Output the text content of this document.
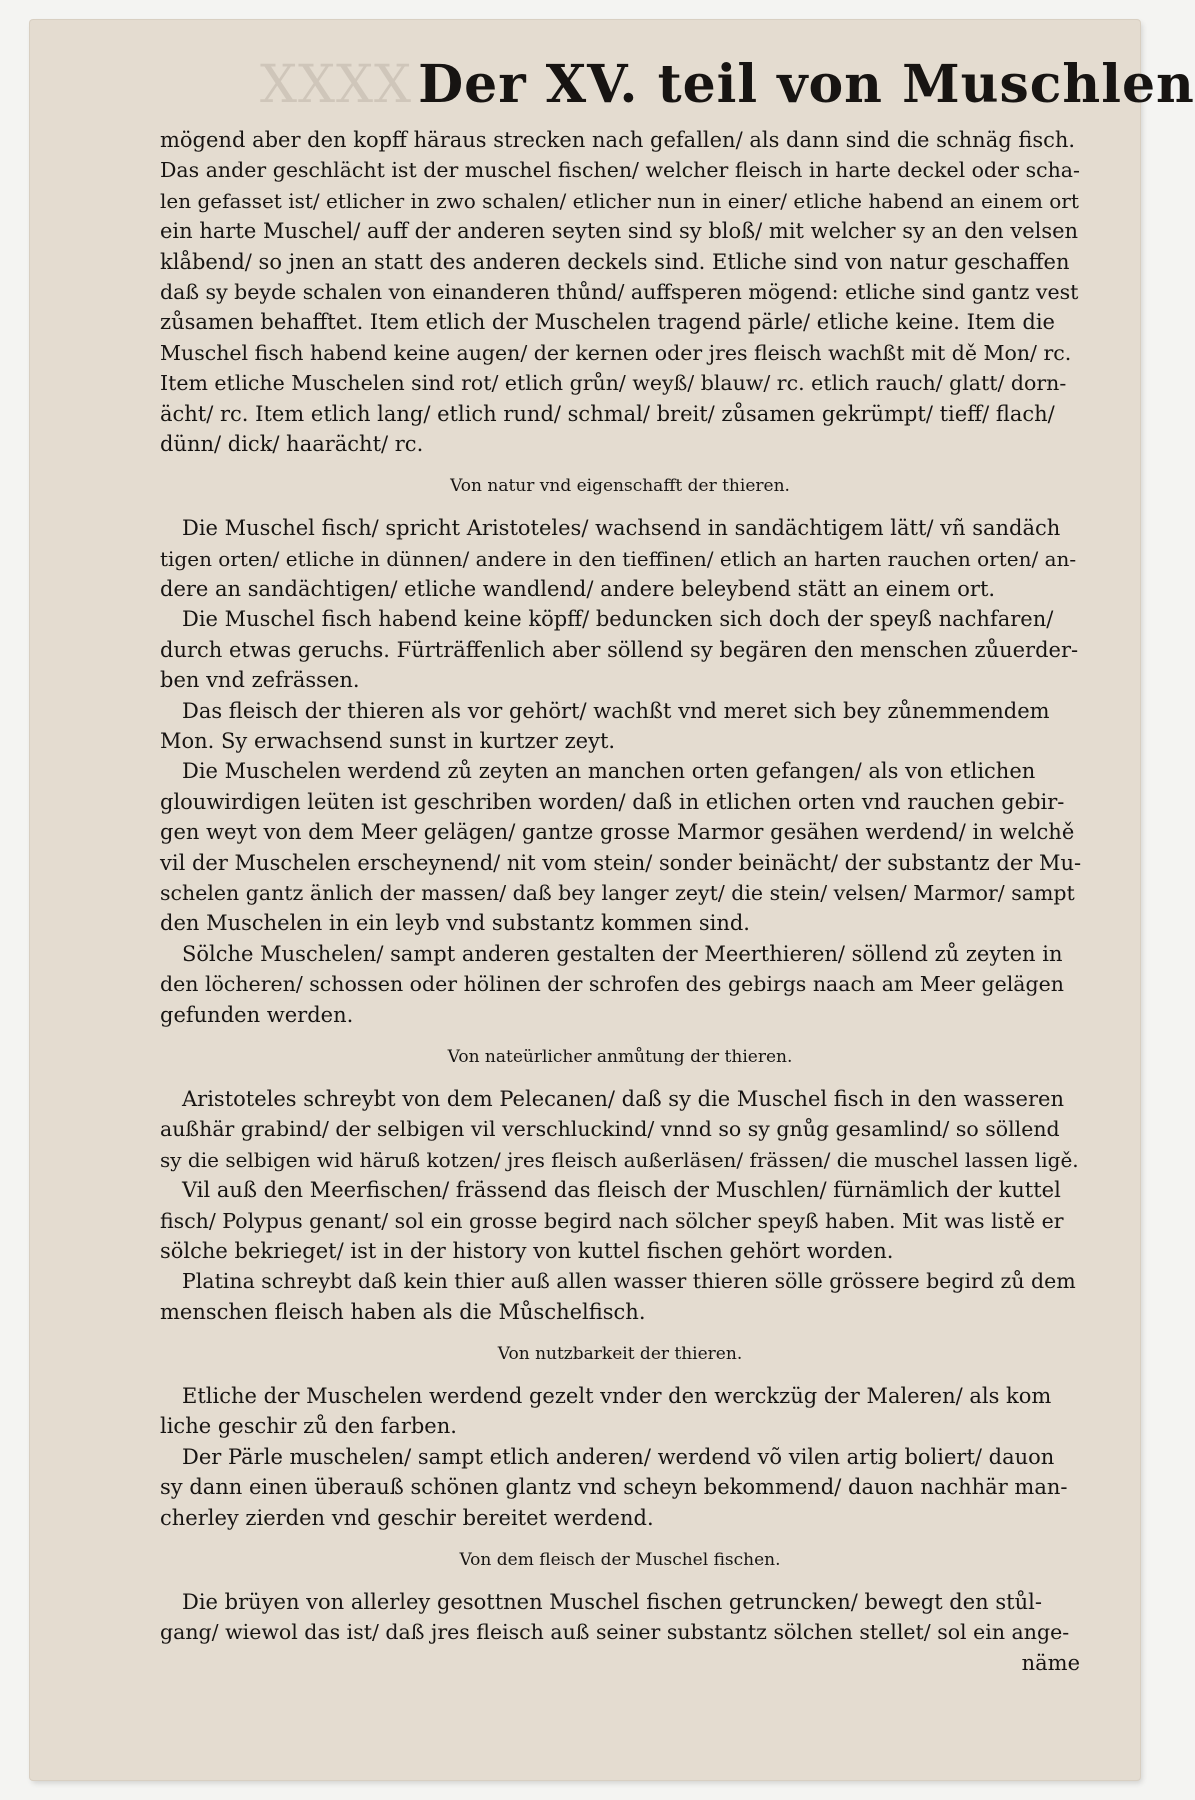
XXXX Der XV. teil von Muschlen
mögend aber den kopff häraus strecken nach gefallen/ als dann sind die schnäg fisch.
Das ander geschlächt ist der muschel fischen/ welcher fleisch in harte deckel oder scha-
len gefasset ist/ etlicher in zwo schalen/ etlicher nun in einer/ etliche habend an einem ort
ein harte Muschel/ auff der anderen seyten sind sy bloß/ mit welcher sy an den velsen
klåbend/ so jnen an statt des anderen deckels sind. Etliche sind von natur geschaffen
daß sy beyde schalen von einanderen thůnd/ auffsperen mögend: etliche sind gantz vest
zůsamen behafftet. Item etlich der Muschelen tragend pärle/ etliche keine. Item die
Muschel fisch habend keine augen/ der kernen oder jres fleisch wachßt mit dě Mon/ rc.
Item etliche Muschelen sind rot/ etlich grůn/ weyß/ blauw/ rc. etlich rauch/ glatt/ dorn-
ächt/ rc. Item etlich lang/ etlich rund/ schmal/ breit/ zůsamen gekrümpt/ tieff/ flach/
dünn/ dick/ haarächt/ rc.
Von natur vnd eigenschafft der thieren.
Die Muschel fisch/ spricht Aristoteles/ wachsend in sandächtigem lätt/ vñ sandäch
tigen orten/ etliche in dünnen/ andere in den tieffinen/ etlich an harten rauchen orten/ an-
dere an sandächtigen/ etliche wandlend/ andere beleybend stätt an einem ort.
Die Muschel fisch habend keine köpff/ beduncken sich doch der speyß nachfaren/
durch etwas geruchs. Fürträffenlich aber söllend sy begären den menschen zůuerder-
ben vnd zefrässen.
Das fleisch der thieren als vor gehört/ wachßt vnd meret sich bey zůnemmendem
Mon. Sy erwachsend sunst in kurtzer zeyt.
Die Muschelen werdend zů zeyten an manchen orten gefangen/ als von etlichen
glouwirdigen leüten ist geschriben worden/ daß in etlichen orten vnd rauchen gebir-
gen weyt von dem Meer gelägen/ gantze grosse Marmor gesähen werdend/ in welchě
vil der Muschelen erscheynend/ nit vom stein/ sonder beinächt/ der substantz der Mu-
schelen gantz änlich der massen/ daß bey langer zeyt/ die stein/ velsen/ Marmor/ sampt
den Muschelen in ein leyb vnd substantz kommen sind.
Sölche Muschelen/ sampt anderen gestalten der Meerthieren/ söllend zů zeyten in
den löcheren/ schossen oder hölinen der schrofen des gebirgs naach am Meer gelägen
gefunden werden.
Von nateürlicher anmůtung der thieren.
Aristoteles schreybt von dem Pelecanen/ daß sy die Muschel fisch in den wasseren
außhär grabind/ der selbigen vil verschluckind/ vnnd so sy gnůg gesamlind/ so söllend
sy die selbigen wid häruß kotzen/ jres fleisch außerläsen/ frässen/ die muschel lassen ligě.
Vil auß den Meerfischen/ frässend das fleisch der Muschlen/ fürnämlich der kuttel
fisch/ Polypus genant/ sol ein grosse begird nach sölcher speyß haben. Mit was listě er
sölche bekrieget/ ist in der history von kuttel fischen gehört worden.
Platina schreybt daß kein thier auß allen wasser thieren sölle grössere begird zů dem
menschen fleisch haben als die Můschelfisch.
Von nutzbarkeit der thieren.
Etliche der Muschelen werdend gezelt vnder den werckzüg der Maleren/ als kom
liche geschir zů den farben.
Der Pärle muschelen/ sampt etlich anderen/ werdend võ vilen artig boliert/ dauon
sy dann einen überauß schönen glantz vnd scheyn bekommend/ dauon nachhär man-
cherley zierden vnd geschir bereitet werdend.
Von dem fleisch der Muschel fischen.
Die brüyen von allerley gesottnen Muschel fischen getruncken/ bewegt den stůl-
gang/ wiewol das ist/ daß jres fleisch auß seiner substantz sölchen stellet/ sol ein ange-
näme
